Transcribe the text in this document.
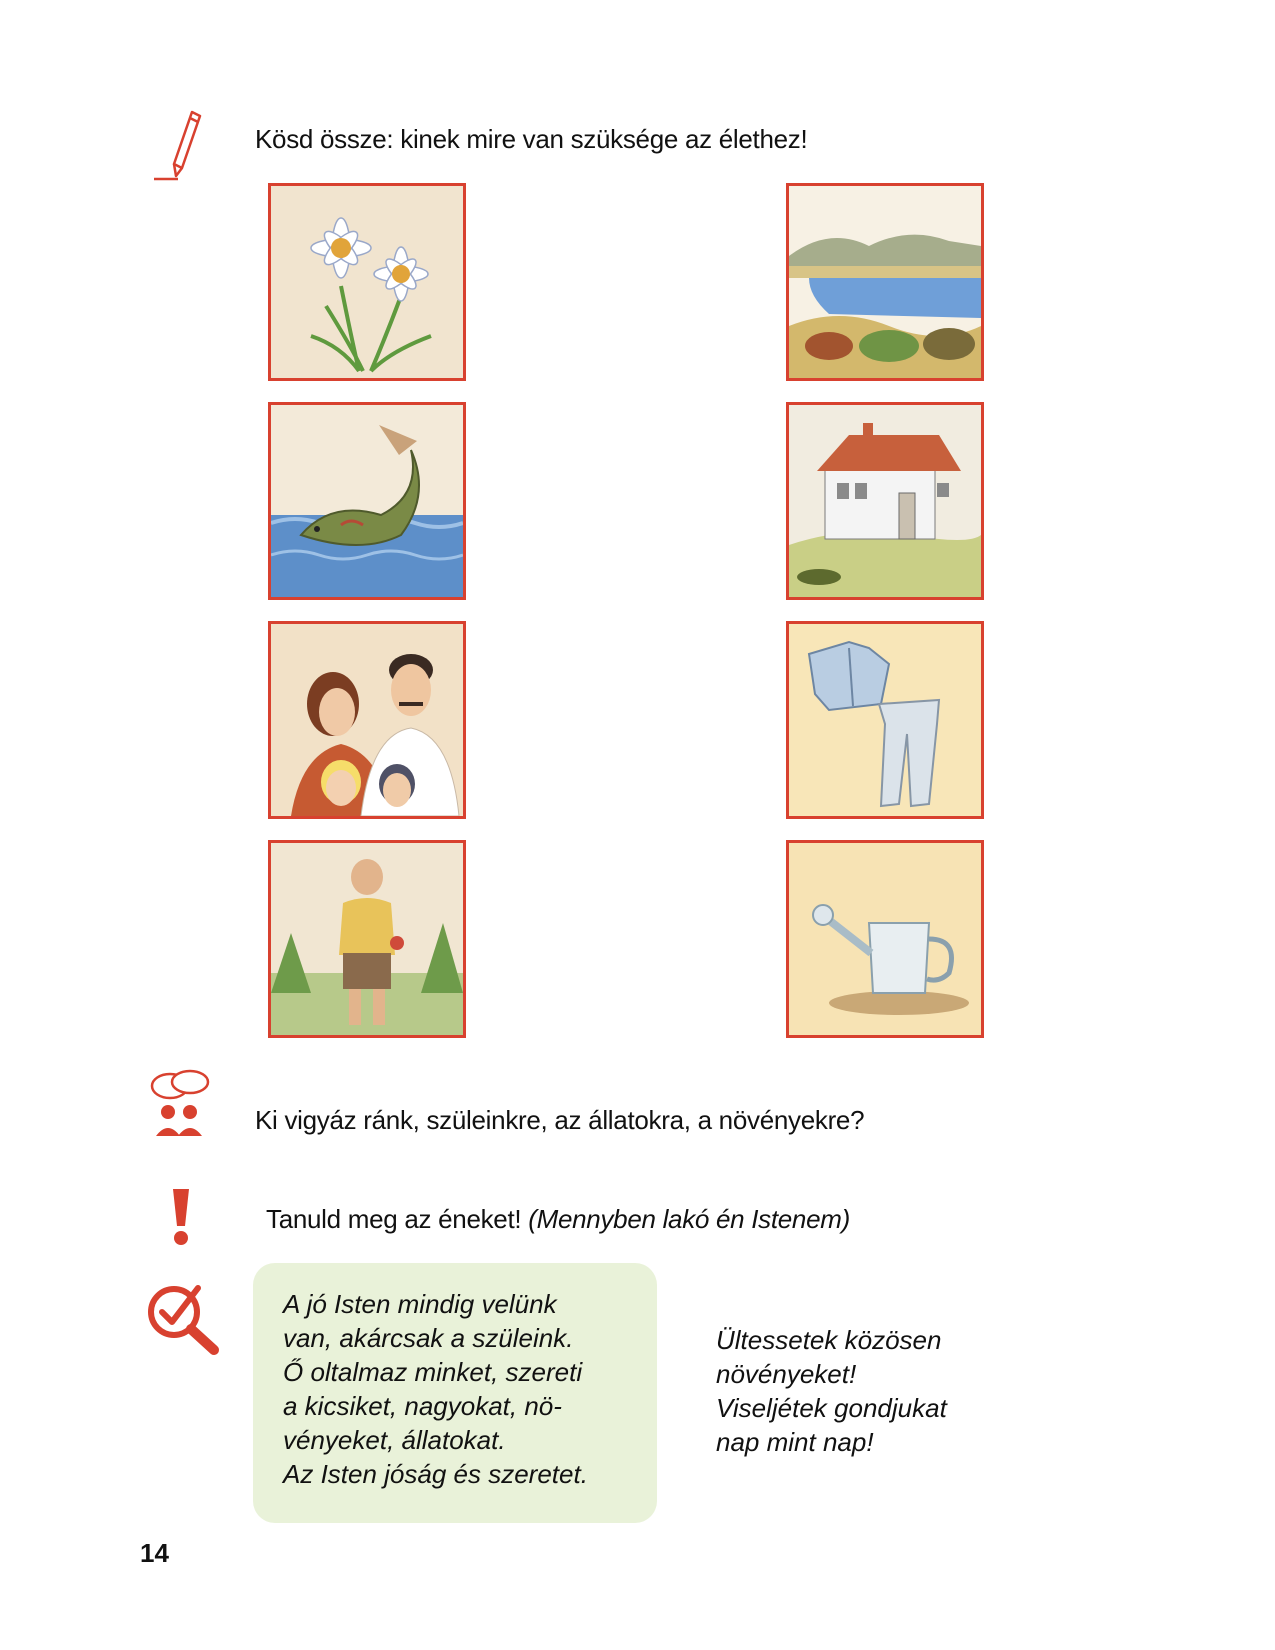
Kösd össze: kinek mire van szüksége az élethez!
Ki vigyáz ránk, szüleinkre, az állatokra, a növényekre?
Tanuld meg az éneket! (Mennyben lakó én Istenem)

A jó Isten mindig velünk

van, akárcsak a szüleink.

Ő oltalmaz minket, szereti

a kicsiket, nagyokat, nö-

vényeket, állatokat.

Az Isten jóság és szeretet.

Ültessetek közösen
növényeket!
Viseljétek gondjukat
nap mint nap!
14
